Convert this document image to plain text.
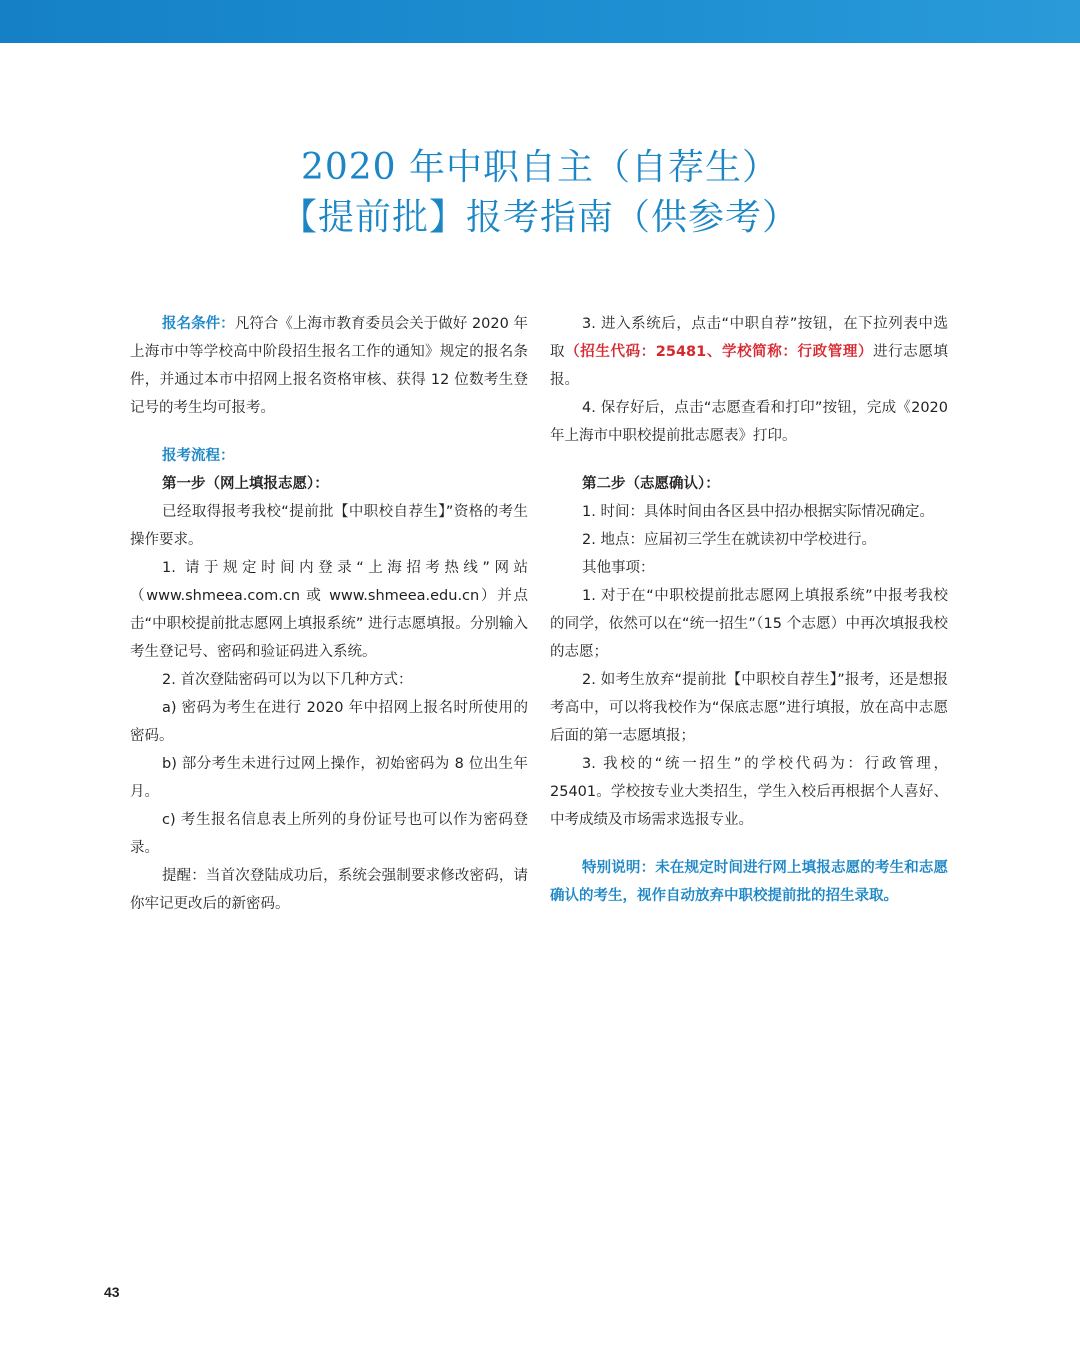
2020 年中职自主（自荐生）
【提前批】报考指南（供参考）

报名条件：凡符合《上海市教育委员会关于做好 2020 年上海市中等学校高中阶段招生报名工作的通知》规定的报名条件，并通过本市中招网上报名资格审核、获得 12 位数考生登记号的考生均可报考。

报考流程：

第一步（网上填报志愿）：

已经取得报考我校“提前批【中职校自荐生】”资格的考生操作要求。

1. 请于规定时间内登录“上海招考热线”网站（www.shmeea.com.cn 或 www.shmeea.edu.cn）并点击“中职校提前批志愿网上填报系统” 进行志愿填报。分别输入考生登记号、密码和验证码进入系统。

2. 首次登陆密码可以为以下几种方式：

a) 密码为考生在进行 2020 年中招网上报名时所使用的密码。

b) 部分考生未进行过网上操作，初始密码为 8 位出生年月。

c) 考生报名信息表上所列的身份证号也可以作为密码登录。

提醒：当首次登陆成功后，系统会强制要求修改密码，请你牢记更改后的新密码。

3. 进入系统后，点击“中职自荐”按钮，在下拉列表中选取（招生代码：25481、学校简称：行政管理）进行志愿填报。

4. 保存好后，点击“志愿查看和打印”按钮，完成《2020 年上海市中职校提前批志愿表》打印。

第二步（志愿确认）：

1. 时间：具体时间由各区县中招办根据实际情况确定。

2. 地点：应届初三学生在就读初中学校进行。

其他事项：

1. 对于在“中职校提前批志愿网上填报系统”中报考我校的同学，依然可以在“统一招生”（15 个志愿）中再次填报我校的志愿；

2. 如考生放弃“提前批【中职校自荐生】”报考，还是想报考高中，可以将我校作为“保底志愿”进行填报，放在高中志愿后面的第一志愿填报；

3. 我校的“统一招生”的学校代码为：行政管理，25401。学校按专业大类招生，学生入校后再根据个人喜好、中考成绩及市场需求选报专业。

特别说明：未在规定时间进行网上填报志愿的考生和志愿确认的考生，视作自动放弃中职校提前批的招生录取。

43
